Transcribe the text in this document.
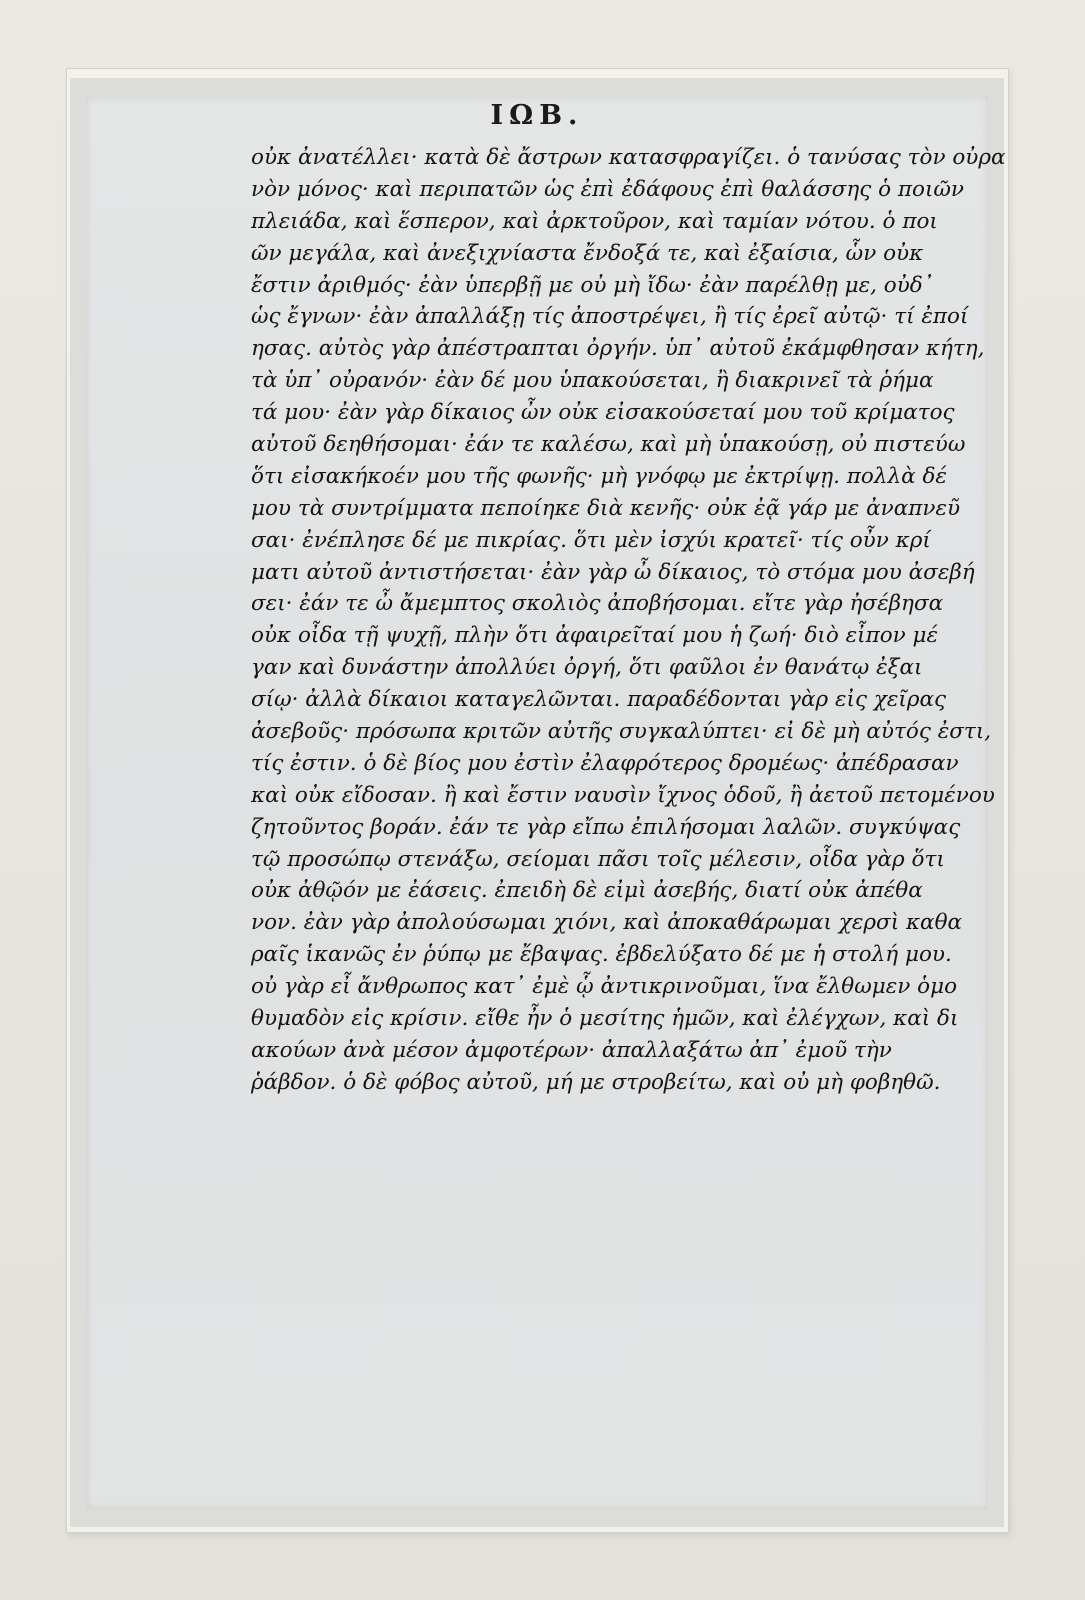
ΙΩΒ.
οὐκ ἀνατέλλει· κατὰ δὲ ἄστρων κατασφραγίζει. ὁ τανύσας τὸν οὐρα
νὸν μόνος· καὶ περιπατῶν ὡς ἐπὶ ἐδάφους ἐπὶ θαλάσσης ὁ ποιῶν
πλειάδα, καὶ ἕσπερον, καὶ ἀρκτοῦρον, καὶ ταμίαν νότου. ὁ ποι
ῶν μεγάλα, καὶ ἀνεξιχνίαστα ἔνδοξά τε, καὶ ἐξαίσια, ὧν οὐκ
ἔστιν ἀριθμός· ἐὰν ὑπερβῇ με οὐ μὴ ἴδω· ἐὰν παρέλθῃ με, οὐδ᾽
ὡς ἔγνων· ἐὰν ἀπαλλάξῃ τίς ἀποστρέψει, ἢ τίς ἐρεῖ αὐτῷ· τί ἐποί
ησας. αὐτὸς γὰρ ἀπέστραπται ὀργήν. ὑπ᾽ αὐτοῦ ἐκάμφθησαν κήτη,
τὰ ὑπ᾽ οὐρανόν· ἐὰν δέ μου ὑπακούσεται, ἢ διακρινεῖ τὰ ῥήμα
τά μου· ἐὰν γὰρ δίκαιος ὦν οὐκ εἰσακούσεταί μου τοῦ κρίματος
αὐτοῦ δεηθήσομαι· ἐάν τε καλέσω, καὶ μὴ ὑπακούσῃ, οὐ πιστεύω
ὅτι εἰσακήκοέν μου τῆς φωνῆς· μὴ γνόφῳ με ἐκτρίψῃ. πολλὰ δέ
μου τὰ συντρίμματα πεποίηκε διὰ κενῆς· οὐκ ἐᾷ γάρ με ἀναπνεῦ
σαι· ἐνέπλησε δέ με πικρίας. ὅτι μὲν ἰσχύι κρατεῖ· τίς οὖν κρί
ματι αὐτοῦ ἀντιστήσεται· ἐὰν γὰρ ὦ δίκαιος, τὸ στόμα μου ἀσεβή
σει· ἐάν τε ὦ ἄμεμπτος σκολιὸς ἀποβήσομαι. εἴτε γὰρ ἠσέβησα
οὐκ οἶδα τῇ ψυχῇ, πλὴν ὅτι ἀφαιρεῖταί μου ἡ ζωή· διὸ εἶπον μέ
γαν καὶ δυνάστην ἀπολλύει ὀργή, ὅτι φαῦλοι ἐν θανάτῳ ἐξαι
σίῳ· ἀλλὰ δίκαιοι καταγελῶνται. παραδέδονται γὰρ εἰς χεῖρας
ἀσεβοῦς· πρόσωπα κριτῶν αὐτῆς συγκαλύπτει· εἰ δὲ μὴ αὐτός ἐστι,
τίς ἐστιν. ὁ δὲ βίος μου ἐστὶν ἐλαφρότερος δρομέως· ἀπέδρασαν
καὶ οὐκ εἴδοσαν. ἢ καὶ ἔστιν ναυσὶν ἴχνος ὁδοῦ, ἢ ἀετοῦ πετομένου
ζητοῦντος βοράν. ἐάν τε γὰρ εἴπω ἐπιλήσομαι λαλῶν. συγκύψας
τῷ προσώπῳ στενάξω, σείομαι πᾶσι τοῖς μέλεσιν, οἶδα γὰρ ὅτι
οὐκ ἀθῷόν με ἐάσεις. ἐπειδὴ δὲ εἰμὶ ἀσεβής, διατί οὐκ ἀπέθα
νον. ἐὰν γὰρ ἀπολούσωμαι χιόνι, καὶ ἀποκαθάρωμαι χερσὶ καθα
ραῖς ἱκανῶς ἐν ῥύπῳ με ἔβαψας. ἐβδελύξατο δέ με ἡ στολή μου.
οὐ γὰρ εἶ ἄνθρωπος κατ᾽ ἐμὲ ᾧ ἀντικρινοῦμαι, ἵνα ἔλθωμεν ὁμο
θυμαδὸν εἰς κρίσιν. εἴθε ἦν ὁ μεσίτης ἡμῶν, καὶ ἐλέγχων, καὶ δι
ακούων ἀνὰ μέσον ἀμφοτέρων· ἀπαλλαξάτω ἀπ᾽ ἐμοῦ τὴν
ῥάβδον. ὁ δὲ φόβος αὐτοῦ, μή με στροβείτω, καὶ οὐ μὴ φοβηθῶ.
